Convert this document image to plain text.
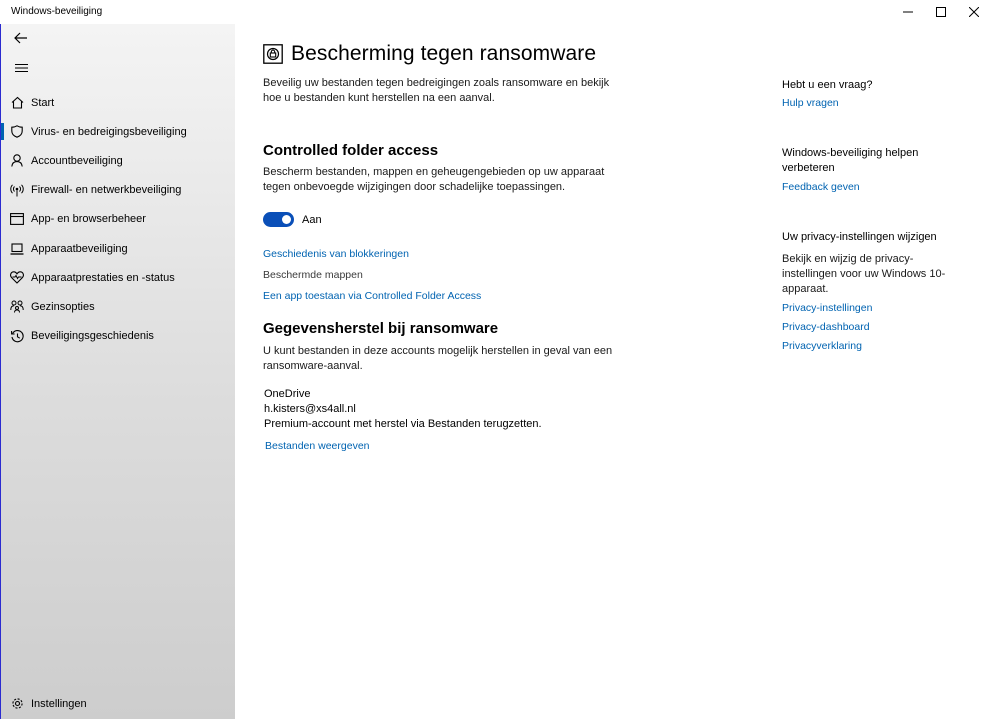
Windows-beveiliging
Start
Virus- en bedreigingsbeveiliging
Accountbeveiliging
Firewall- en netwerkbeveiliging
App- en browserbeheer
Apparaatbeveiliging
Apparaatprestaties en -status
Gezinsopties
Beveiligingsgeschiedenis
Instellingen
Bescherming tegen ransomware

Beveilig uw bestanden tegen bedreigingen zoals ransomware en bekijk hoe u bestanden kunt herstellen na een aanval.

Controlled folder access

Bescherm bestanden, mappen en geheugengebieden op uw apparaat tegen onbevoegde wijzigingen door schadelijke toepassingen.

Aan
Geschiedenis van blokkeringen
Beschermde mappen
Een app toestaan via Controlled Folder Access
Gegevensherstel bij ransomware

U kunt bestanden in deze accounts mogelijk herstellen in geval van een ransomware-aanval.

OneDrive
h.kisters@xs4all.nl
Premium-account met herstel via Bestanden terugzetten.
Bestanden weergeven
Hebt u een vraag?
Hulp vragen
Windows-beveiliging helpen verbeteren
Feedback geven
Uw privacy-instellingen wijzigen

Bekijk en wijzig de privacy-instellingen voor uw Windows 10-apparaat.

Privacy-instellingen
Privacy-dashboard
Privacyverklaring
